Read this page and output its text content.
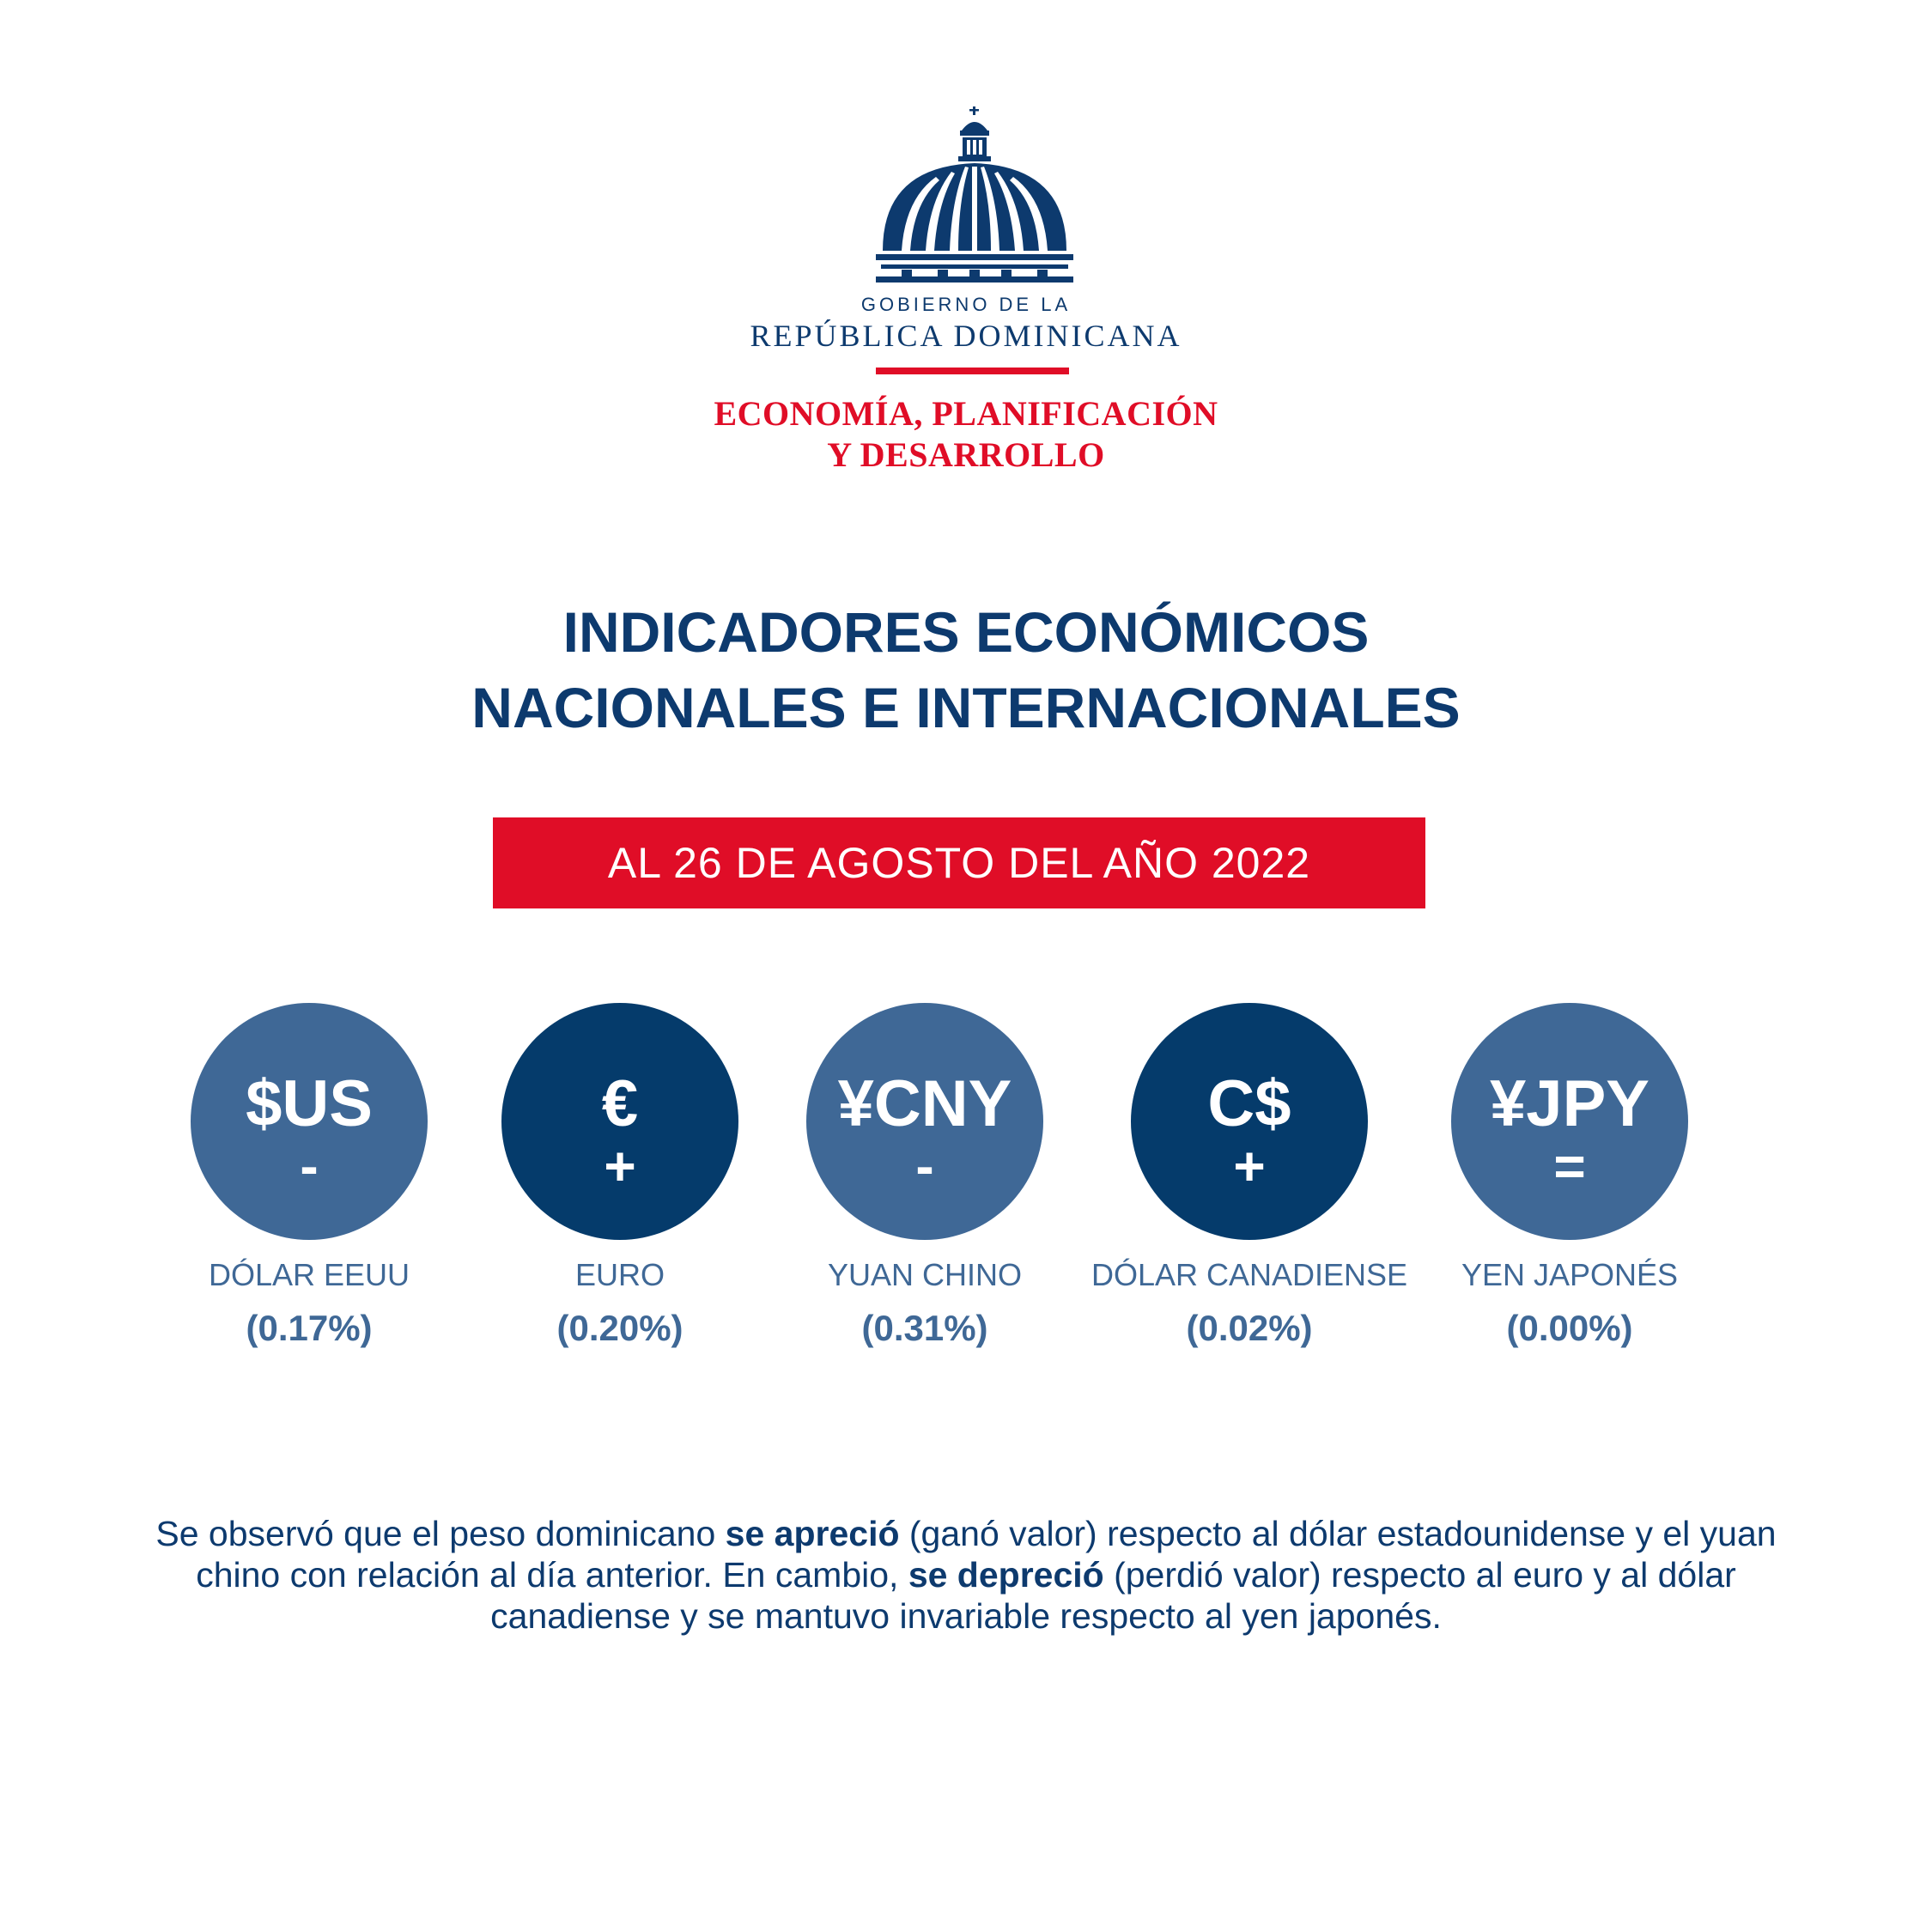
GOBIERNO DE LA
REPÚBLICA DOMINICANA
ECONOMÍA, PLANIFICACIÓN
Y DESARROLLO
INDICADORES ECONÓMICOS
NACIONALES E INTERNACIONALES
AL 26 DE AGOSTO DEL AÑO 2022
$US
-
DÓLAR EEUU
(0.17%)
€
+
EURO
(0.20%)
¥CNY
-
YUAN CHINO
(0.31%)
C$
+
DÓLAR CANADIENSE
(0.02%)
¥JPY
=
YEN JAPONÉS
(0.00%)
Se observó que el peso dominicano se apreció (ganó valor) respecto al dólar estadounidense y el yuan chino con relación al día anterior. En cambio, se depreció (perdió valor) respecto al euro y al dólar canadiense y se mantuvo invariable respecto al yen japonés.
